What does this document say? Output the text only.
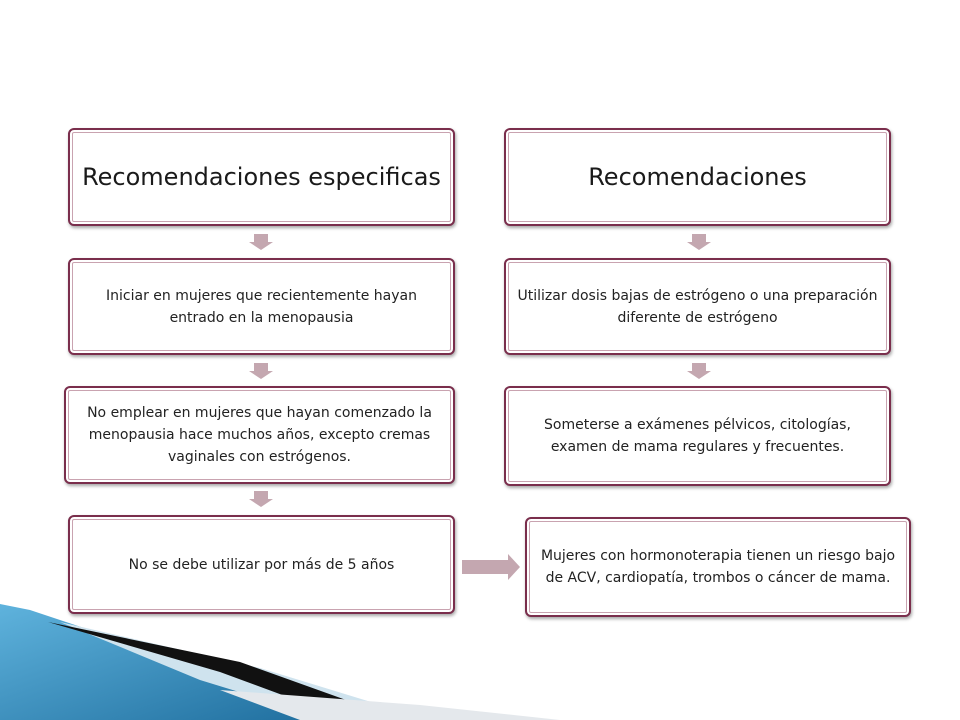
Recomendaciones especificas
Iniciar en mujeres que recientemente hayan entrado en la menopausia
No emplear en mujeres que hayan comenzado la menopausia hace muchos años, excepto cremas vaginales con estrógenos.
No se debe utilizar por más de 5 años
Recomendaciones
Utilizar dosis bajas de estrógeno o una preparación diferente de estrógeno
Someterse a exámenes pélvicos, citologías, examen de mama regulares y frecuentes.
Mujeres con hormonoterapia tienen un riesgo bajo de ACV, cardiopatía, trombos o cáncer de mama.
